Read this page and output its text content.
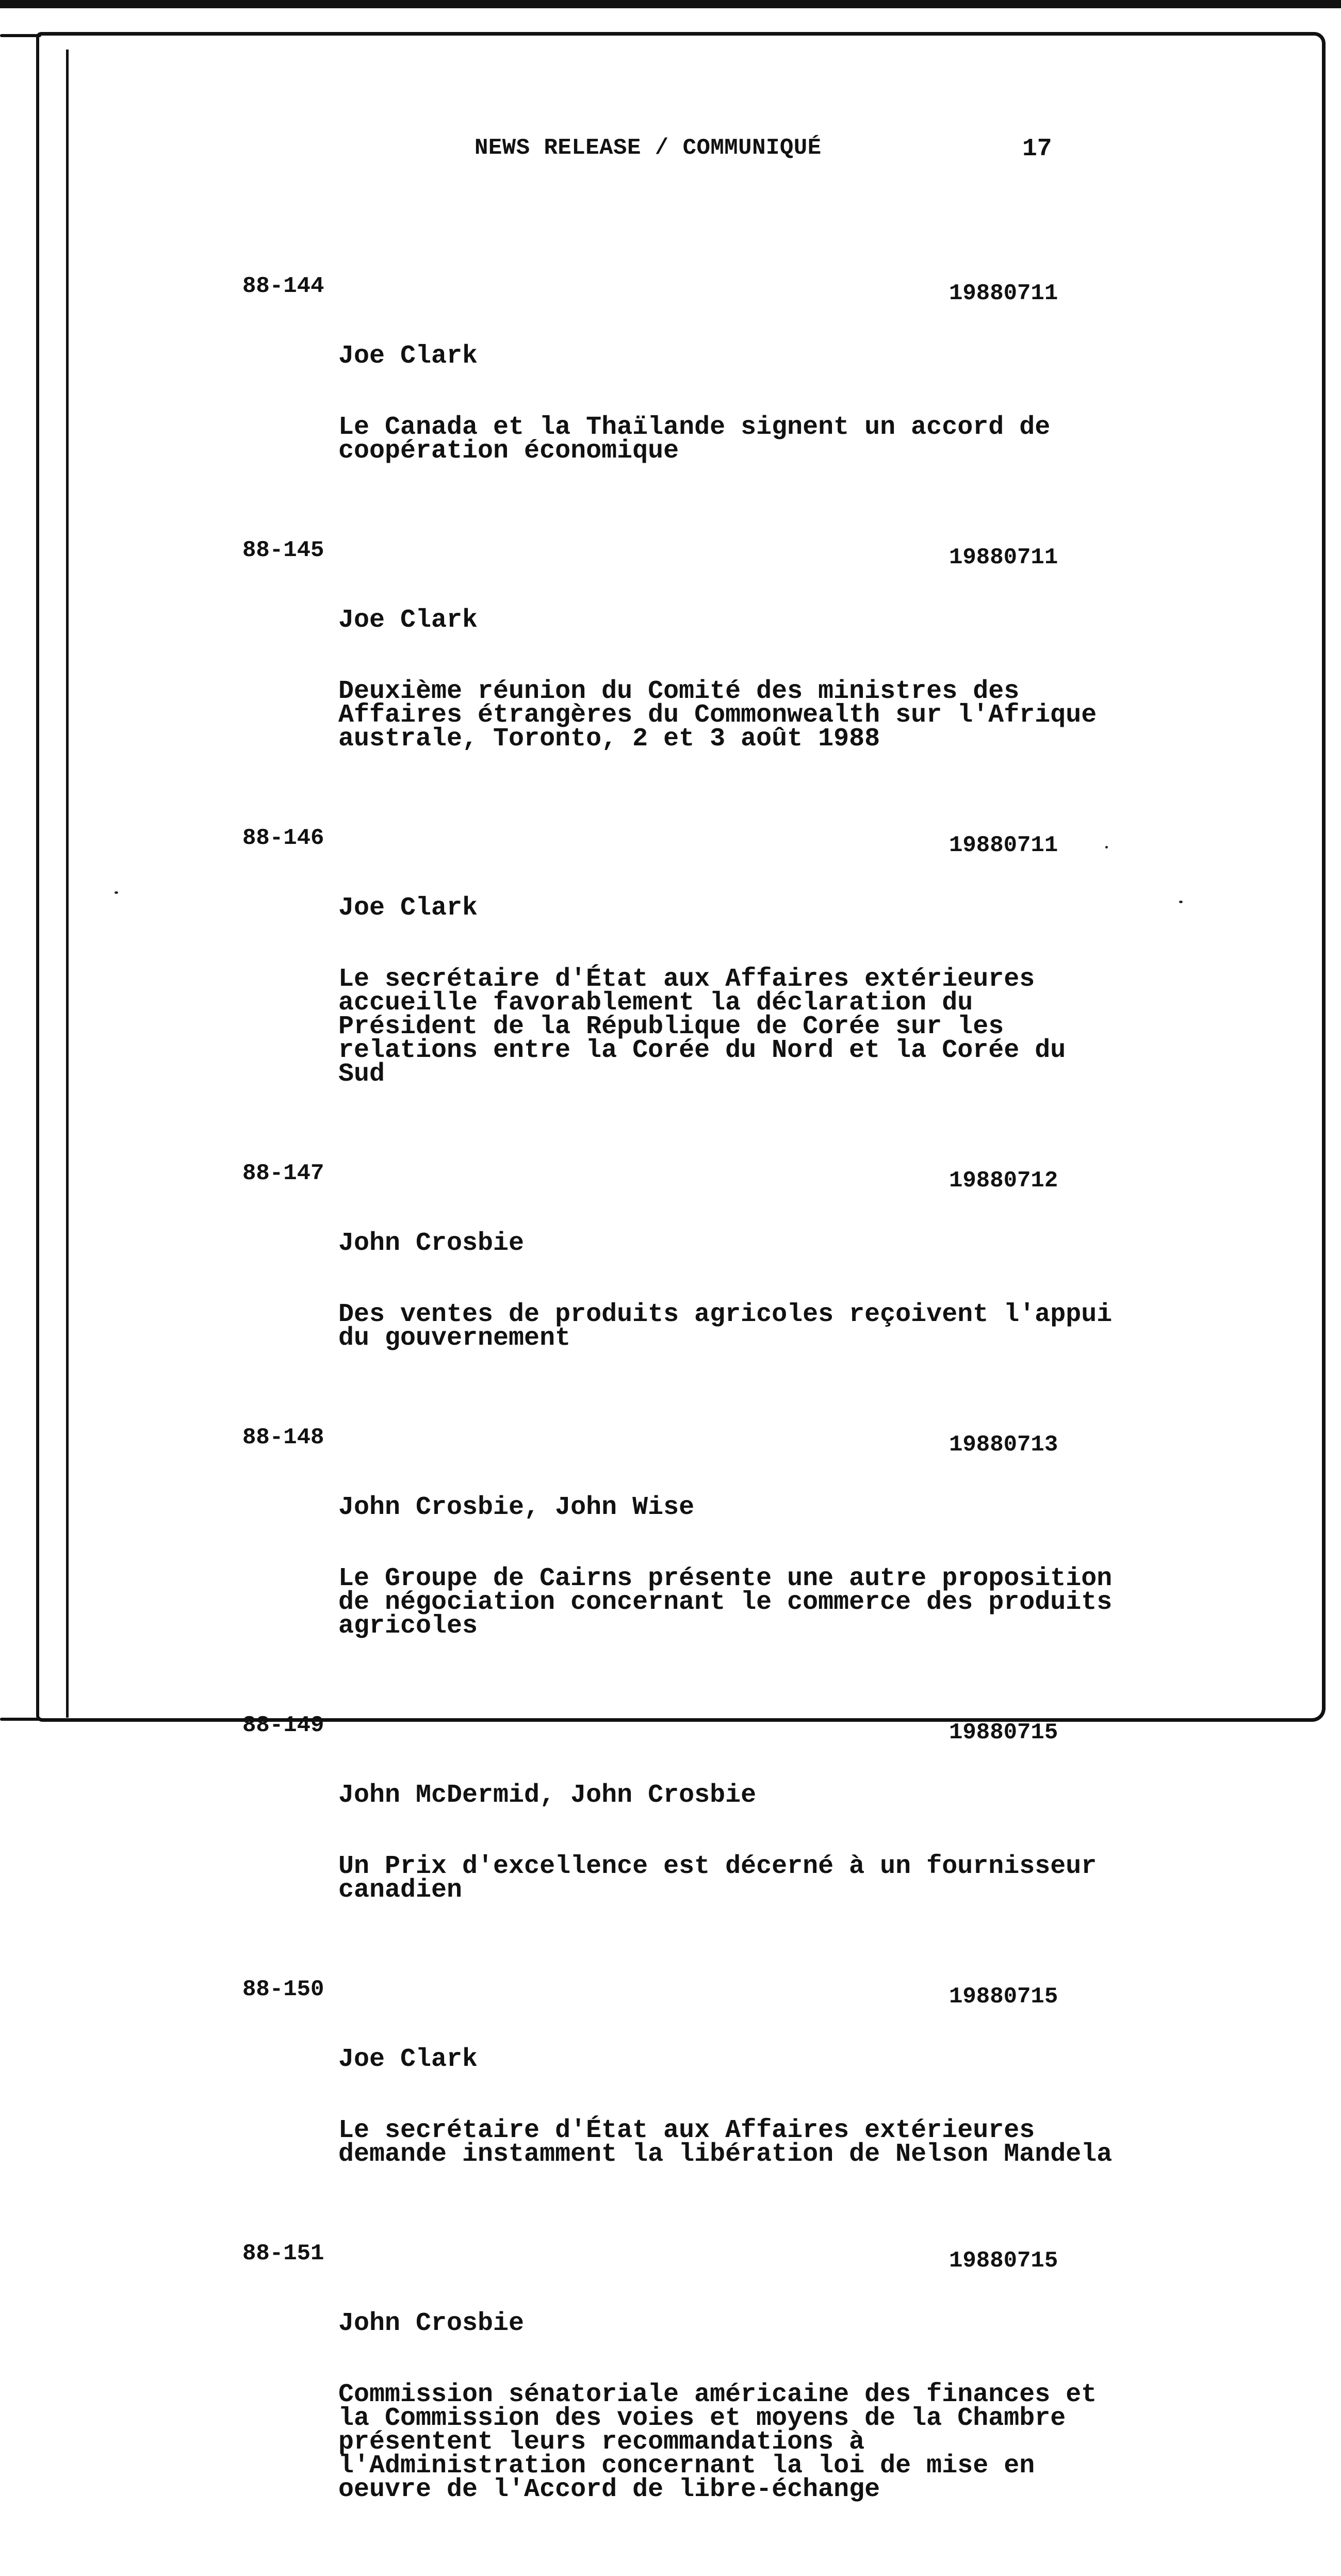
NEWS RELEASE / COMMUNIQUÉ	17
88-144	19880711

Joe Clark

Le Canada et la Thaïlande signent un accord de
coopération économique

88-145	19880711

Joe Clark

Deuxième réunion du Comité des ministres des
Affaires étrangères du Commonwealth sur l'Afrique
australe, Toronto, 2 et 3 août 1988

88-146	19880711

Joe Clark

Le secrétaire d'État aux Affaires extérieures
accueille favorablement la déclaration du
Président de la République de Corée sur les
relations entre la Corée du Nord et la Corée du
Sud

88-147	19880712

John Crosbie

Des ventes de produits agricoles reçoivent l'appui
du gouvernement

88-148	19880713

John Crosbie, John Wise

Le Groupe de Cairns présente une autre proposition
de négociation concernant le commerce des produits
agricoles

88-149	19880715

John McDermid, John Crosbie

Un Prix d'excellence est décerné à un fournisseur
canadien

88-150	19880715

Joe Clark

Le secrétaire d'État aux Affaires extérieures
demande instamment la libération de Nelson Mandela

88-151	19880715

John Crosbie

Commission sénatoriale américaine des finances et
la Commission des voies et moyens de la Chambre
présentent leurs recommandations à
l'Administration concernant la loi de mise en
oeuvre de l'Accord de libre-échange
